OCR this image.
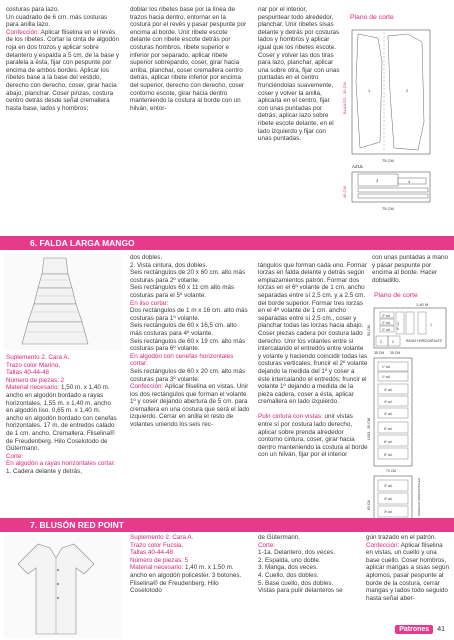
costuras para lazo.
Un cuadrado de 6 cm. más costuras para anilla lazo.
Confección: Aplicar fliselina en el revés de los ribetes. Cortar la cinta de algodón roja en dos trozos y aplicar sobre delantero y espalda a 5 cm. de la base y paralela a ésta, fijar con pespunte por encima de ambos bordes. Aplicar los ribetes base a la base del vestido, derecho con derecho, coser, girar hacia abajo, planchar. Coser pinzas, costura centro detrás desde señal cremallera hasta base, lados y hombros;
doblar los ribetes base por la línea de trazos hacia dentro, entornar en la costura por el revés y pasar pespunte por encima al borde. Unir ribete escote delante con ribete escote detrás por costuras hombros, ribete superior e inferior por separado, aplicar ribete superior sobrepando, coser, girar hacia arriba, planchar, coser cremallera centro detrás, aplicar ribete inferior por encima del superior, derecho con derecho, coser contorno escote, girar hacia dentro manteniendo la costura al borde con un hilván, entor-
nar por el interior, pespuntear todo alrededor, planchar. Unir ribetes sisas delante y detrás por costuras lados y hombros y aplicar igual que los ribetes escote. Coser y volver las dos tiras para lazo, planchar, aplicar una sobre otra, fijar con unas puntadas en el centro frunciéndolas suavemente, coser y volver la anilla, aplicarla en el centro, fijar con unas puntadas por detrás; aplicar lazo sobre ribete escote delante, en el lado izquierdo y fijar con unas puntadas.
Plano de corte
BLANCO - 30 CM
AZUL
45 CM
75 CM
75 CM
1	2
3	4
6. FALDA LARGA MANGO
Suplemento 2. Cara A.
Trazo color Marino.
Tallas 40-44-48
Número de piezas: 2
Material necesario: 1,50 m. x 1,40 m. ancho en algodón bordado a rayas horizontales, 1,55 m. x 1,40 m. ancho en algodón liso. 0,65 m. x 1,40 m. ancho en algodón bordado con cenefas horizontales. 17 m. de entredós calado de 1 cm. ancho. Cremallera. Fliselina® de Freudenberg. Hilo Coselotodo de Gütermann.
Corte:
En algodón a rayas horizontales cortar:
1. Cadera delante y detrás,
dos dobles.
2. Vista cintura, dos dobles.
Seis rectángulos de 20 x 60 cm. alto más costuras para 2º volante.
Seis rectángulos 60 x 11 cm alto más costuras para el 5º volante.
En liso cortar:
Dos rectángulos de 1 m x 16 cm. alto más costuras para 1º volante.
Seis rectángulos de 60 x 16,5 cm. alto más costuras para 4º volante.
Seis rectángulos de 60 x 19 cm. alto más costuras para 6º volante.
En algodón con cenefas horizontales cortar:
Seis rectángulos de 60 x 20 cm. alto más costuras para 3º volante.
Confección: Aplicar fliselina en vistas. Unir los dos rectángulos que forman el volante 1º y coser dejando abertura de 5 cm. para cremallera en una costura que será el lado izquierdo. Cerrar en anilla el resto de volantes uniendo los seis rec-

tángulos que forman cada uno. Formar lorzas en falda delante y detrás según emplazamientos patrón. Formar dos lorzas en el 6º volante de 1 cm. ancho separadas entre sí 2,5 cm. y a 2,5 cm. del borde superior. Formar tres lorzas en el 4º volante de 1 cm. ancho separadas entre sí 2,5 cm., coser y planchar todas las lorzas hacia abajo. Coser piezas cadera por costura lado derecho. Unir los volantes entre sí intercalando el entredós entre volante y volante y haciendo coincidir todas las costuras verticales; fruncir el 2º volante dejando la medida del 1º y coser a éste intercalando el entredós; fruncir el volante 1º dejando a medida de la pieza cadera, coser a ésta, aplicar cremallera en lado izquierdo.

Pulir cintura con vistas: unir vistas entre sí por costura lado derecho, aplicar sobre prenda alrededor contorno cintura, coser, girar hacia dentro manteniendo la costura al borde con un hilván, fijar por el interior

con unas puntadas a mano y pasar pespunte por encima al borde. Hacer dobladillo.
Plano de corte
1,40 M
50 CM
2º vol.
2º vol.
2º vol. 5º vol.	1
2	2	RAYAS HORIZONTALES
35 CM 35 CM
LISO - 50 CM
1º vol.
1º vol.
4º vol.
4º vol.
4º vol.
6º vol.
6º vol.
6º vol.
70 CM
65 CM
3º vol.
3º vol.
3º vol.	CENEFAS HORIZONTALES
7. BLUSÓN RED POINT
Suplemento 2. Cara A.
Trazo color Fucsia.
Tallas 40-44-48
Número de piezas: 5
Material necesario: 1,40 m. x 1,50 m. ancho en algodón policéster. 3 botones. Fliselina® de Freudenberg. Hilo Coselotodo
de Gütermann.
Corte:
1-1a. Delantero, dos veces.
2. Espalda, uno doble.
3. Manga, dos veces.
4. Cuello, dos dobles.
5. Base cuello, dos dobles.
Vistas para pulir delanteros se
gún trazado en el patrón.
Confección: Aplicar fliselina en vistas, un cuello y una base cuello. Coser hombros, aplicar mangas a sisas según aplomos, pasar pespunte al borde de la costura, cerrar mangas y lados todo seguido hasta señal aber-
Patrones	41
